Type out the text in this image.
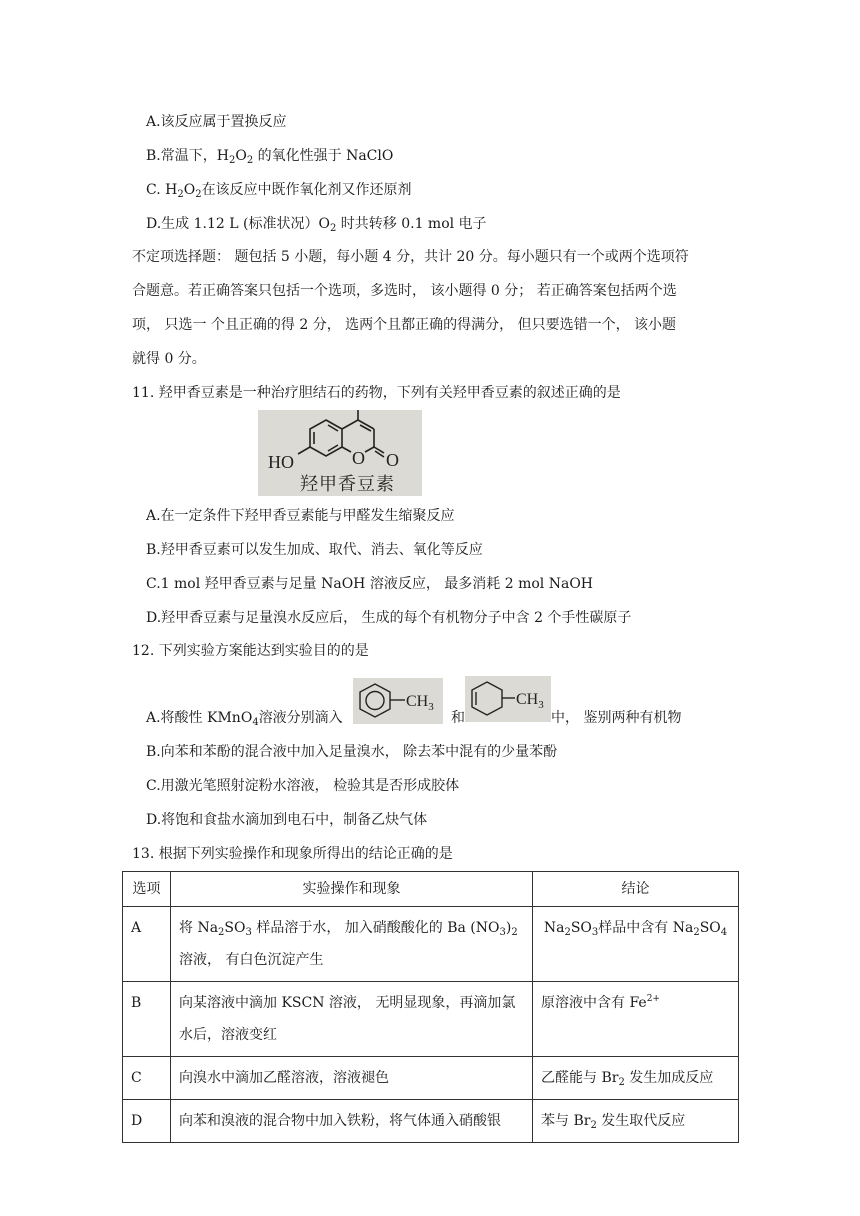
A.该反应属于置换反应
B.常温下，$H_2O_2$ 的氧化性强于 NaClO
C. $H_2O_2$在该反应中既作氧化剂又作还原剂
D.生成 1.12 L (标准状况）$O_2$ 时共转移 0.1 mol 电子
不定项选择题： 题包括 5 小题，每小题 4 分，共计 20 分。每小题只有一个或两个选项符
合题意。若正确答案只包括一个选项，多选时， 该小题得 0 分； 若正确答案包括两个选
项， 只选一 个且正确的得 2 分， 选两个且都正确的得满分， 但只要选错一个， 该小题
就得 0 分。
11. 羟甲香豆素是一种治疗胆结石的药物，下列有关羟甲香豆素的叙述正确的是
HO	O O
羟甲香豆素
A.在一定条件下羟甲香豆素能与甲醛发生缩聚反应
B.羟甲香豆素可以发生加成、取代、消去、氧化等反应
C.1 mol 羟甲香豆素与足量 NaOH 溶液反应， 最多消耗 2 mol NaOH
D.羟甲香豆素与足量溴水反应后， 生成的每个有机物分子中含 2 个手性碳原子
12. 下列实验方案能达到实验目的的是
A.将酸性 KMnO$_4$溶液分别滴入
$CH_3$
和
$CH_3$
中， 鉴别两种有机物
B.向苯和苯酚的混合液中加入足量溴水， 除去苯中混有的少量苯酚
C.用激光笔照射淀粉水溶液， 检验其是否形成胶体
D.将饱和食盐水滴加到电石中，制备乙炔气体
13. 根据下列实验操作和现象所得出的结论正确的是
选项	实验操作和现象	结论
A	将 $Na_2SO_3$ 样品溶于水， 加入硝酸酸化的 Ba $(NO_3)_2$溶液， 有白色沉淀产生	$Na_2SO_3$样品中含有 $Na_2SO_4$
B	向某溶液中滴加 KSCN 溶液， 无明显现象，再滴加氯水后，溶液变红	原溶液中含有 $Fe^{2+}$
C	向溴水中滴加乙醛溶液，溶液褪色	乙醛能与 $Br_2$ 发生加成反应
D	向苯和溴液的混合物中加入铁粉，将气体通入硝酸银	苯与 $Br_2$ 发生取代反应
